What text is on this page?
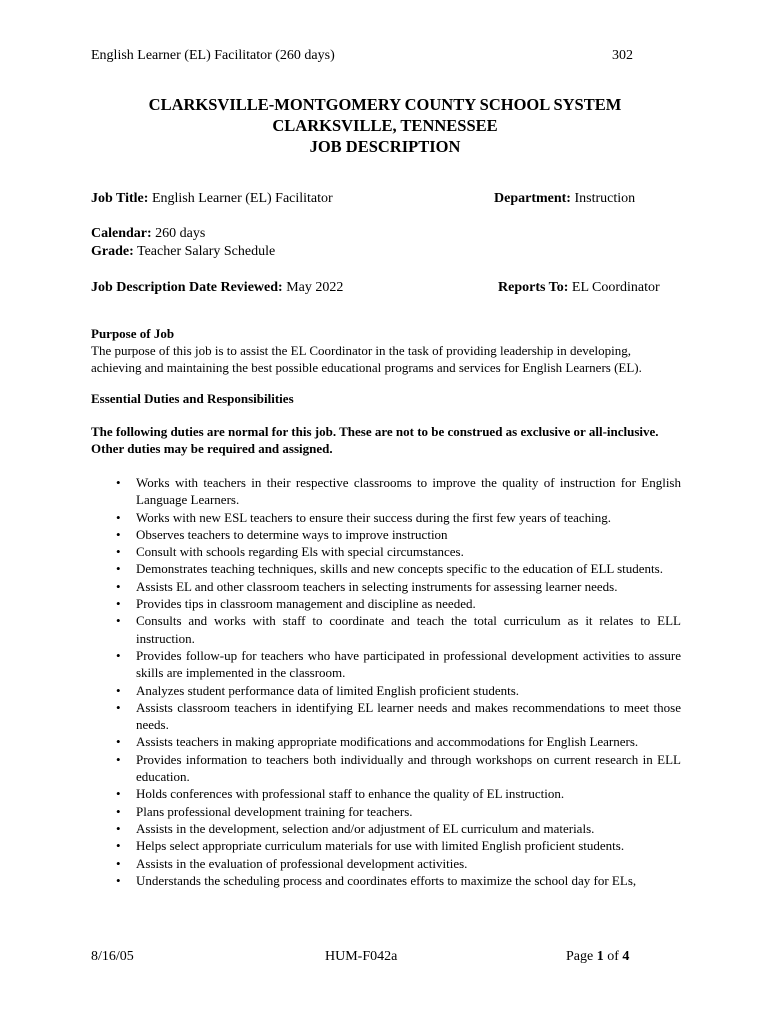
English Learner (EL) Facilitator (260 days)	302
CLARKSVILLE-MONTGOMERY COUNTY SCHOOL SYSTEM
CLARKSVILLE, TENNESSEE
JOB DESCRIPTION
Job Title: English Learner (EL) Facilitator	Department: Instruction
Calendar: 260 days
Grade: Teacher Salary Schedule
Job Description Date Reviewed: May 2022	Reports To: EL Coordinator
Purpose of Job
The purpose of this job is to assist the EL Coordinator in the task of providing leadership in developing, achieving and maintaining the best possible educational programs and services for English Learners (EL).
Essential Duties and Responsibilities
The following duties are normal for this job. These are not to be construed as exclusive or all-inclusive. Other duties may be required and assigned.
• Works with teachers in their respective classrooms to improve the quality of instruction for English Language Learners.
• Works with new ESL teachers to ensure their success during the first few years of teaching.
• Observes teachers to determine ways to improve instruction
• Consult with schools regarding Els with special circumstances.
• Demonstrates teaching techniques, skills and new concepts specific to the education of ELL students.
• Assists EL and other classroom teachers in selecting instruments for assessing learner needs.
• Provides tips in classroom management and discipline as needed.
• Consults and works with staff to coordinate and teach the total curriculum as it relates to ELL instruction.
• Provides follow-up for teachers who have participated in professional development activities to assure skills are implemented in the classroom.
• Analyzes student performance data of limited English proficient students.
• Assists classroom teachers in identifying EL learner needs and makes recommendations to meet those needs.
• Assists teachers in making appropriate modifications and accommodations for English Learners.
• Provides information to teachers both individually and through workshops on current research in ELL education.
• Holds conferences with professional staff to enhance the quality of EL instruction.
• Plans professional development training for teachers.
• Assists in the development, selection and/or adjustment of EL curriculum and materials.
• Helps select appropriate curriculum materials for use with limited English proficient students.
• Assists in the evaluation of professional development activities.
• Understands the scheduling process and coordinates efforts to maximize the school day for ELs,
8/16/05	HUM-F042a	Page 1 of 4
